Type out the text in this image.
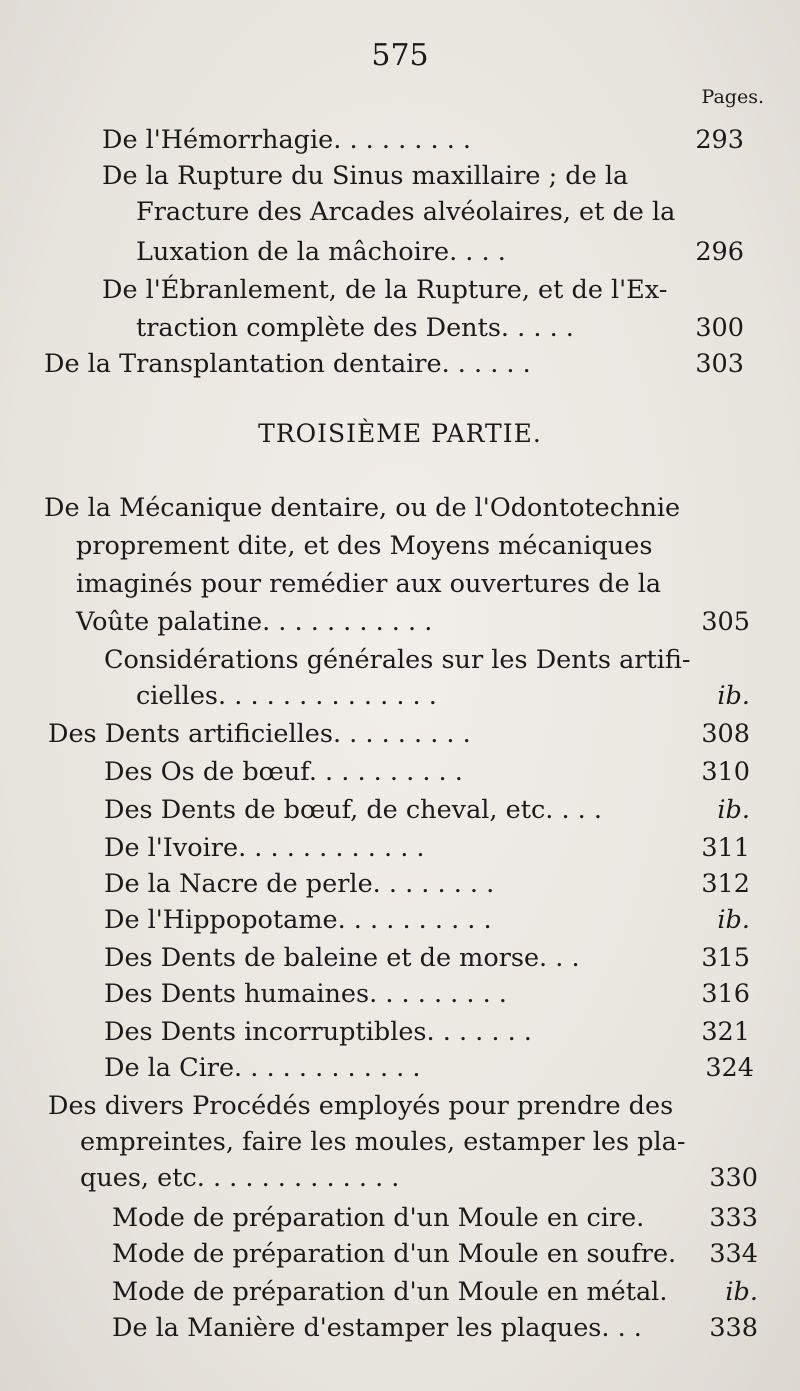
575
Pages.
De l'Hémorrhagie. . . . . . . . .	293
De la Rupture du Sinus maxillaire ; de la
Fracture des Arcades alvéolaires, et de la
Luxation de la mâchoire. . . .	296
De l'Ébranlement, de la Rupture, et de l'Ex-
traction complète des Dents. . . . .	300
De la Transplantation dentaire. . . . . .	303
TROISIÈME PARTIE.
De la Mécanique dentaire, ou de l'Odontotechnie
proprement dite, et des Moyens mécaniques
imaginés pour remédier aux ouvertures de la
Voûte palatine. . . . . . . . . . .	305
Considérations générales sur les Dents artifi-
cielles. . . . . . . . . . . . . .	ib.
Des Dents artificielles. . . . . . . . .	308
Des Os de bœuf. . . . . . . . . .	310
Des Dents de bœuf, de cheval, etc. . . .	ib.
De l'Ivoire. . . . . . . . . . . .	311
De la Nacre de perle. . . . . . . .	312
De l'Hippopotame. . . . . . . . . .	ib.
Des Dents de baleine et de morse. . .	315
Des Dents humaines. . . . . . . . .	316
Des Dents incorruptibles. . . . . . .	321
De la Cire. . . . . . . . . . . .	324
Des divers Procédés employés pour prendre des
empreintes, faire les moules, estamper les pla-
ques, etc. . . . . . . . . . . . .	330
Mode de préparation d'un Moule en cire.	333
Mode de préparation d'un Moule en soufre. 334
Mode de préparation d'un Moule en métal. ib.
De la Manière d'estamper les plaques. . .	338
